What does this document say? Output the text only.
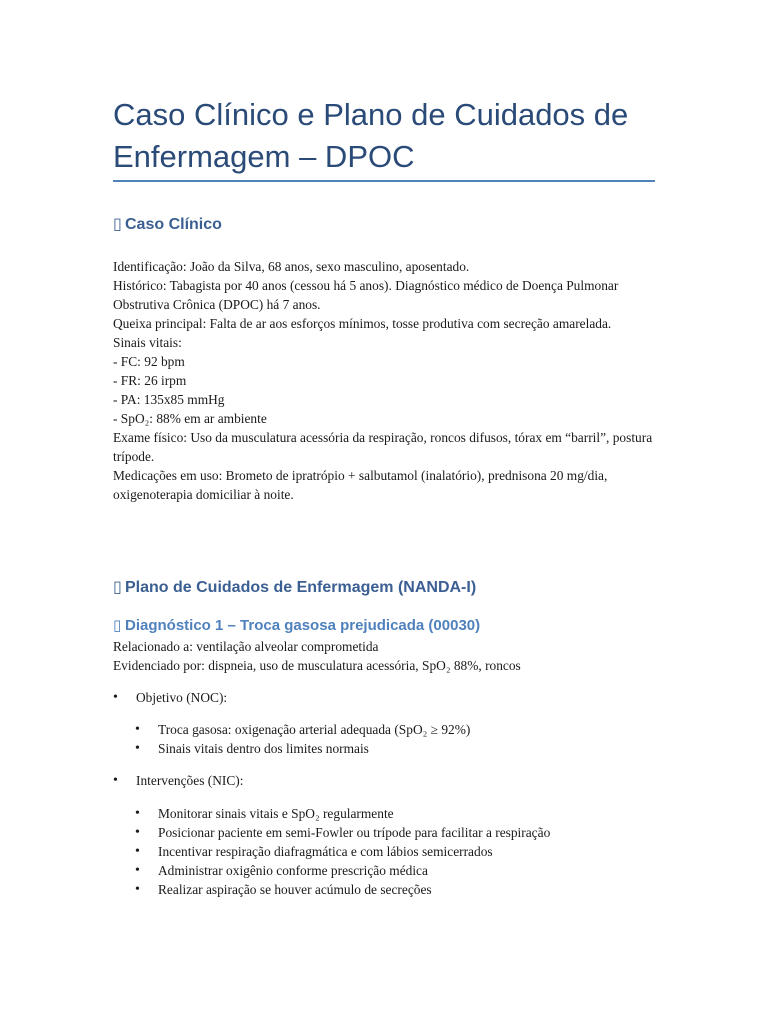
Caso Clínico e Plano de Cuidados de Enfermagem – DPOC
▯ Caso Clínico

Identificação: João da Silva, 68 anos, sexo masculino, aposentado.

Histórico: Tabagista por 40 anos (cessou há 5 anos). Diagnóstico médico de Doença Pulmonar Obstrutiva Crônica (DPOC) há 7 anos.

Queixa principal: Falta de ar aos esforços mínimos, tosse produtiva com secreção amarelada.

Sinais vitais:

- FC: 92 bpm

- FR: 26 irpm

- PA: 135x85 mmHg

- SpO₂: 88% em ar ambiente

Exame físico: Uso da musculatura acessória da respiração, roncos difusos, tórax em “barril”, postura trípode.

Medicações em uso: Brometo de ipratrópio + salbutamol (inalatório), prednisona 20 mg/dia, oxigenoterapia domiciliar à noite.

▯ Plano de Cuidados de Enfermagem (NANDA-I)
▯ Diagnóstico 1 – Troca gasosa prejudicada (00030)

Relacionado a: ventilação alveolar comprometida

Evidenciado por: dispneia, uso de musculatura acessória, SpO₂ 88%, roncos

• Objetivo (NOC):
• Troca gasosa: oxigenação arterial adequada (SpO₂ ≥ 92%)
• Sinais vitais dentro dos limites normais
• Intervenções (NIC):
• Monitorar sinais vitais e SpO₂ regularmente
• Posicionar paciente em semi-Fowler ou trípode para facilitar a respiração
• Incentivar respiração diafragmática e com lábios semicerrados
• Administrar oxigênio conforme prescrição médica
• Realizar aspiração se houver acúmulo de secreções
